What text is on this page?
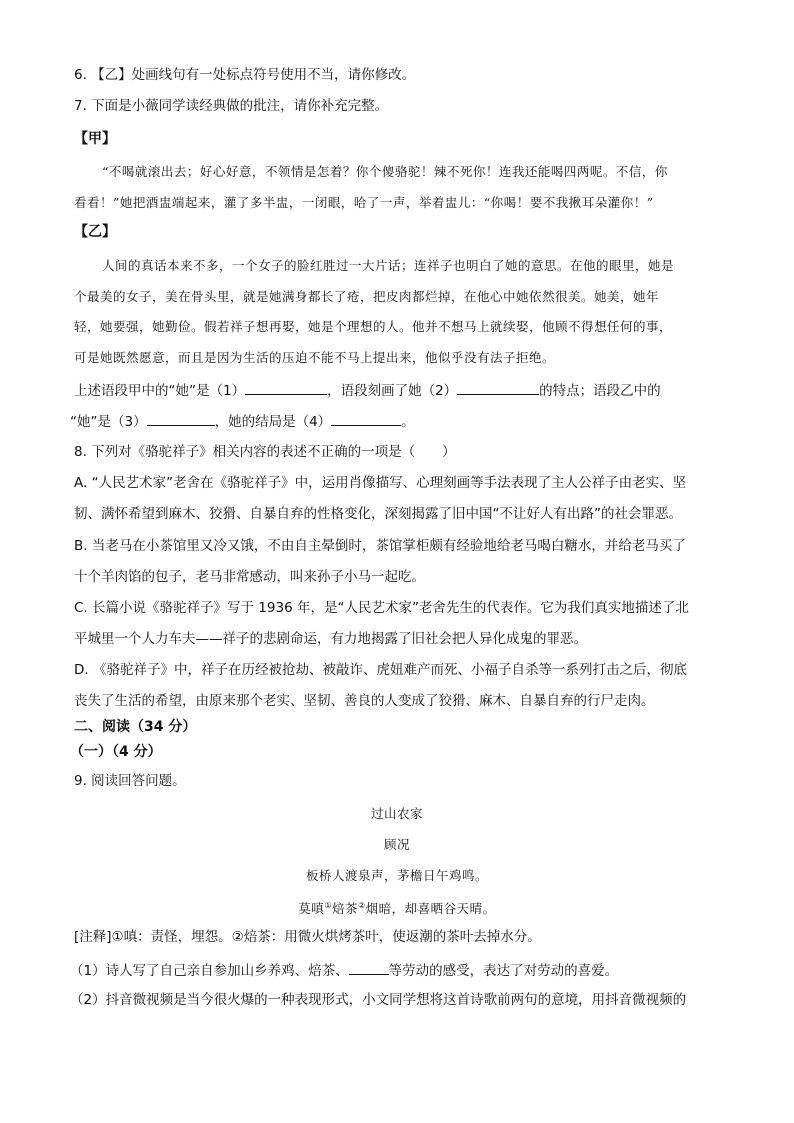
6. 【乙】处画线句有一处标点符号使用不当，请你修改。
7. 下面是小薇同学读经典做的批注，请你补充完整。
【甲】
“不喝就滚出去；好心好意，不领情是怎着？你个傻骆驼！辣不死你！连我还能喝四两呢。不信，你
看看！”她把酒盅端起来，灌了多半盅，一闭眼，哈了一声，举着盅儿：“你喝！要不我揪耳朵灌你！”
【乙】
人间的真话本来不多，一个女子的脸红胜过一大片话；连祥子也明白了她的意思。在他的眼里，她是
个最美的女子，美在骨头里，就是她满身都长了疮，把皮肉都烂掉，在他心中她依然很美。她美，她年
轻，她要强，她勤俭。假若祥子想再娶，她是个理想的人。他并不想马上就续娶，他顾不得想任何的事，
可是她既然愿意，而且是因为生活的压迫不能不马上提出来，他似乎没有法子拒绝。
上述语段甲中的“她”是（1）	，语段刻画了她（2）	的特点；语段乙中的
“她”是（3）	，她的结局是（4）	。
8. 下列对《骆驼祥子》相关内容的表述不正确的一项是（　　）
A. “人民艺术家”老舍在《骆驼祥子》中，运用肖像描写、心理刻画等手法表现了主人公祥子由老实、坚
韧、满怀希望到麻木、狡猾、自暴自弃的性格变化，深刻揭露了旧中国“不让好人有出路”的社会罪恶。
B. 当老马在小茶馆里又冷又饿，不由自主晕倒时，茶馆掌柜颇有经验地给老马喝白糖水，并给老马买了
十个羊肉馅的包子，老马非常感动，叫来孙子小马一起吃。
C. 长篇小说《骆驼祥子》写于 1936 年，是“人民艺术家”老舍先生的代表作。它为我们真实地描述了北
平城里一个人力车夫——祥子的悲剧命运，有力地揭露了旧社会把人异化成鬼的罪恶。
D. 《骆驼祥子》中，祥子在历经被抢劫、被敲诈、虎妞难产而死、小福子自杀等一系列打击之后，彻底
丧失了生活的希望，由原来那个老实、坚韧、善良的人变成了狡猾、麻木、自暴自弃的行尸走肉。
二、阅读（34 分）
（一）（4 分）
9. 阅读回答问题。
过山农家
顾况
板桥人渡泉声，茅檐日午鸡鸣。
莫嗔①焙茶②烟暗，却喜晒谷天晴。
[注释]①嗔：责怪，埋怨。②焙茶：用微火烘烤茶叶，使返潮的茶叶去掉水分。
（1）诗人写了自己亲自参加山乡养鸡、焙茶、	等劳动的感受，表达了对劳动的喜爱。
（2）抖音微视频是当今很火爆的一种表现形式，小文同学想将这首诗歌前两句的意境，用抖音微视频的
